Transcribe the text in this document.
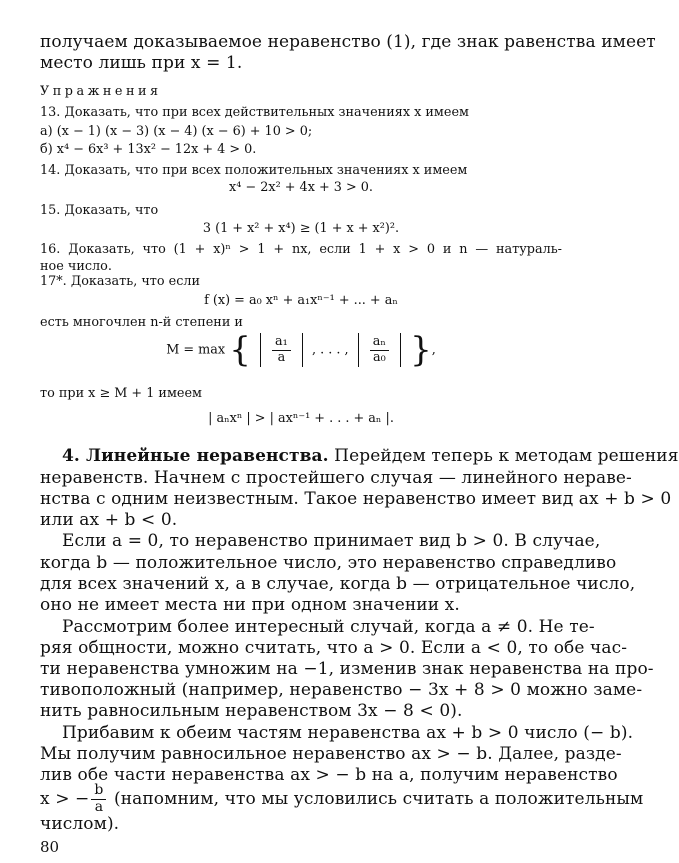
получаем доказываемое неравенство (1), где знак равенства имеет
место лишь при x = 1.
Упражнения
13. Доказать, что при всех действительных значениях x имеем
а) (x − 1) (x − 3) (x − 4) (x − 6) + 10 > 0;
б) x⁴ − 6x³ + 13x² − 12x + 4 > 0.
14. Доказать, что при всех положительных значениях x имеем
x⁴ − 2x² + 4x + 3 > 0.
15. Доказать, что
3 (1 + x² + x⁴) ≥ (1 + x + x²)².
16. Доказать, что (1 + x)ⁿ > 1 + nx, если 1 + x > 0 и n — натураль-
ное число.
17*. Доказать, что если
f (x) = a₀ xⁿ + a₁xⁿ⁻¹ + ... + aₙ
есть многочлен n-й степени и
M = max { $\frac{\text{a₁}}{a}$ , . . . , $\frac{\text{aₙ}}{\text{a₀}}$ },
то при x ≥ M + 1 имеем
| aₙxⁿ | > | axⁿ⁻¹ + . . . + aₙ |.
4. Линейные неравенства. Перейдем теперь к методам решения
неравенств. Начнем с простейшего случая — линейного нераве-
нства с одним неизвестным. Такое неравенство имеет вид ax + b > 0
или ax + b < 0.
Если a = 0, то неравенство принимает вид b > 0. В случае,
когда b — положительное число, это неравенство справедливо
для всех значений x, а в случае, когда b — отрицательное число,
оно не имеет места ни при одном значении x.
Рассмотрим более интересный случай, когда a ≠ 0. Не те-
ряя общности, можно считать, что a > 0. Если a < 0, то обе час-
ти неравенства умножим на −1, изменив знак неравенства на про-
тивоположный (например, неравенство − 3x + 8 > 0 можно заме-
нить равносильным неравенством 3x − 8 < 0).
Прибавим к обеим частям неравенства ax + b > 0 число (− b).
Мы получим равносильное неравенство ax > − b. Далее, разде-
лив обе части неравенства ax > − b на a, получим неравенство
x > − $\frac{b}{a}$ (напомним, что мы условились считать a положительным
числом).
80
